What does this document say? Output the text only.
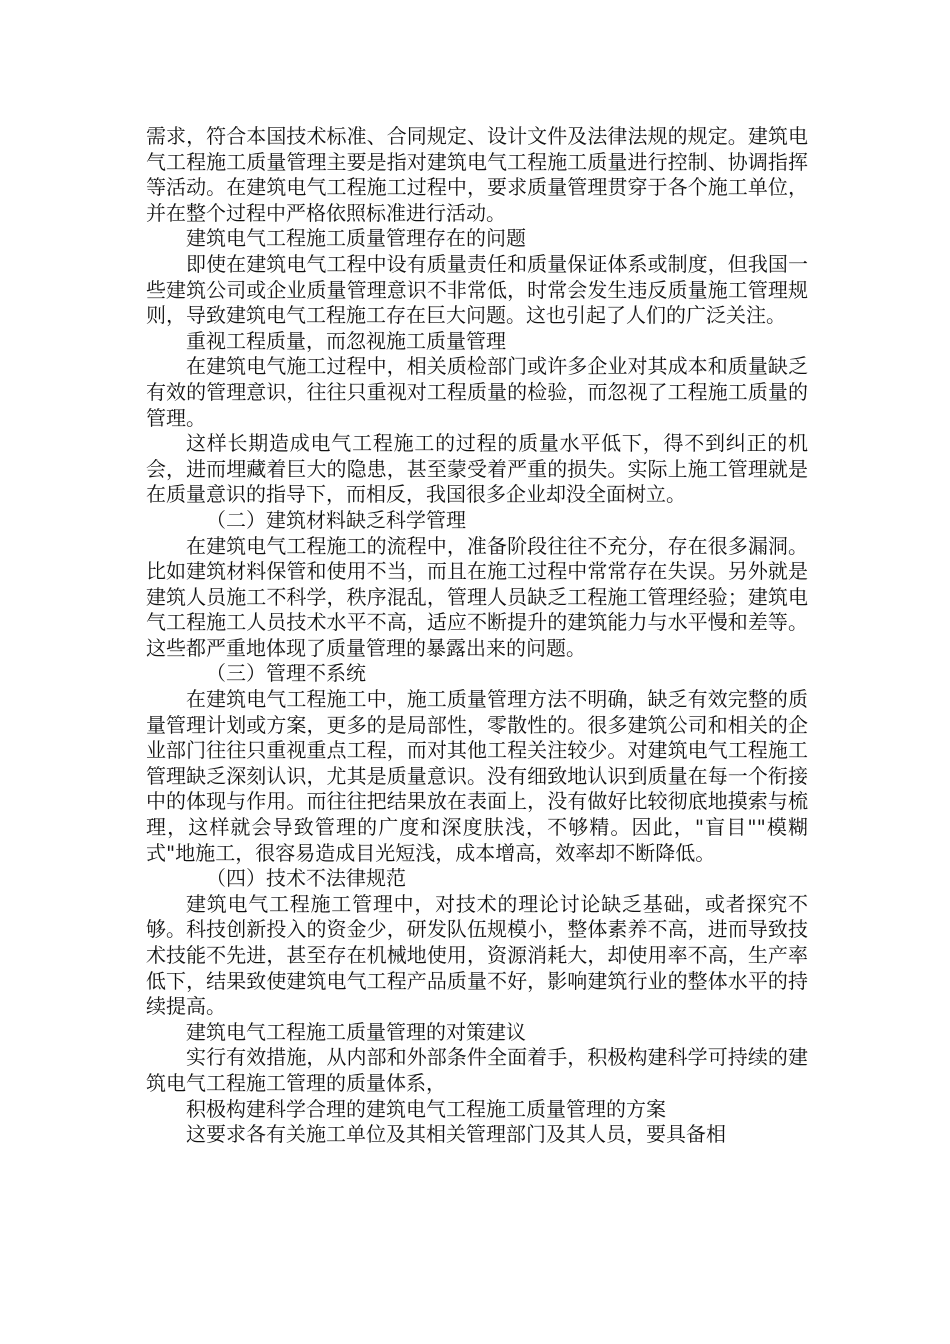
需求，符合本国技术标准、合同规定、设计文件及法律法规的规定。建筑电气工程施工质量管理主要是指对建筑电气工程施工质量进行控制、协调指挥等活动。在建筑电气工程施工过程中，要求质量管理贯穿于各个施工单位，并在整个过程中严格依照标准进行活动。

建筑电气工程施工质量管理存在的问题

即使在建筑电气工程中设有质量责任和质量保证体系或制度，但我国一些建筑公司或企业质量管理意识不非常低，时常会发生违反质量施工管理规则，导致建筑电气工程施工存在巨大问题。这也引起了人们的广泛关注。

重视工程质量，而忽视施工质量管理

在建筑电气施工过程中，相关质检部门或许多企业对其成本和质量缺乏有效的管理意识，往往只重视对工程质量的检验，而忽视了工程施工质量的管理。

这样长期造成电气工程施工的过程的质量水平低下，得不到纠正的机会，进而埋藏着巨大的隐患，甚至蒙受着严重的损失。实际上施工管理就是在质量意识的指导下，而相反，我国很多企业却没全面树立。

（二）建筑材料缺乏科学管理

在建筑电气工程施工的流程中，准备阶段往往不充分，存在很多漏洞。比如建筑材料保管和使用不当，而且在施工过程中常常存在失误。另外就是建筑人员施工不科学，秩序混乱，管理人员缺乏工程施工管理经验；建筑电气工程施工人员技术水平不高，适应不断提升的建筑能力与水平慢和差等。这些都严重地体现了质量管理的暴露出来的问题。

（三）管理不系统

在建筑电气工程施工中，施工质量管理方法不明确，缺乏有效完整的质量管理计划或方案，更多的是局部性，零散性的。很多建筑公司和相关的企业部门往往只重视重点工程，而对其他工程关注较少。对建筑电气工程施工管理缺乏深刻认识，尤其是质量意识。没有细致地认识到质量在每一个衔接中的体现与作用。而往往把结果放在表面上，没有做好比较彻底地摸索与梳理，这样就会导致管理的广度和深度肤浅，不够精。因此，"盲目""模糊式"地施工，很容易造成目光短浅，成本增高，效率却不断降低。

（四）技术不法律规范

建筑电气工程施工管理中，对技术的理论讨论缺乏基础，或者探究不够。科技创新投入的资金少，研发队伍规模小，整体素养不高，进而导致技术技能不先进，甚至存在机械地使用，资源消耗大，却使用率不高，生产率低下，结果致使建筑电气工程产品质量不好，影响建筑行业的整体水平的持续提高。

建筑电气工程施工质量管理的对策建议

实行有效措施，从内部和外部条件全面着手，积极构建科学可持续的建筑电气工程施工管理的质量体系，

积极构建科学合理的建筑电气工程施工质量管理的方案

这要求各有关施工单位及其相关管理部门及其人员，要具备相
